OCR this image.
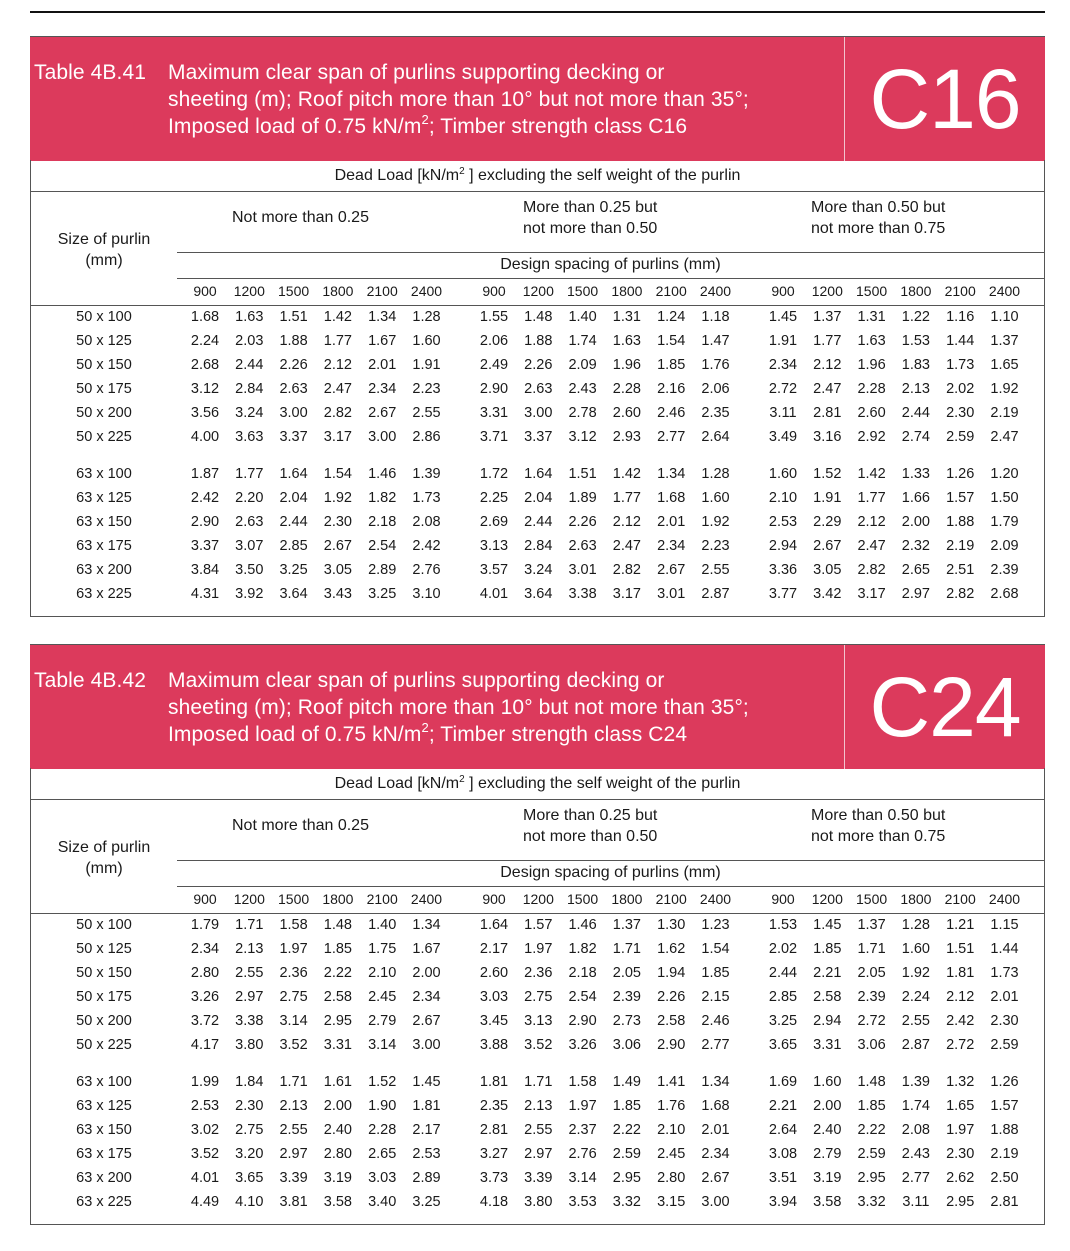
Table 4B.41 Maximum clear span of purlins supporting decking or
sheeting (m); Roof pitch more than 10° but not more than 35°;
Imposed load of 0.75 $kN/m^2$; Timber strength class C16	C16
Dead Load [$kN/m^2$ ] excluding the self weight of the purlin
Size of purlin
(mm)
Not more than 0.25
More than 0.25 but
not more than 0.50
More than 0.50 but
not more than 0.75
Design spacing of purlins (mm)
900	1200 1500 1800 2100 2400	900	1200 1500 1800 2100 2400	900	1200 1500 1800 2100 2400
50 x 100	1.68	1.63	1.51	1.42	1.34	1.28	1.55	1.48	1.40	1.31	1.24	1.18	1.45	1.37	1.31	1.22	1.16	1.10
50 x 125	2.24	2.03	1.88	1.77	1.67	1.60	2.06	1.88	1.74	1.63	1.54	1.47	1.91	1.77	1.63	1.53	1.44	1.37
50 x 150	2.68	2.44	2.26	2.12	2.01	1.91	2.49	2.26	2.09	1.96	1.85	1.76	2.34	2.12	1.96	1.83	1.73	1.65
50 x 175	3.12	2.84	2.63	2.47	2.34	2.23	2.90	2.63	2.43	2.28	2.16	2.06	2.72	2.47	2.28	2.13	2.02	1.92
50 x 200	3.56	3.24	3.00	2.82	2.67	2.55	3.31	3.00	2.78	2.60	2.46	2.35	3.11	2.81	2.60	2.44	2.30	2.19
50 x 225	4.00	3.63	3.37	3.17	3.00	2.86	3.71	3.37	3.12	2.93	2.77	2.64	3.49	3.16	2.92	2.74	2.59	2.47
63 x 100	1.87	1.77	1.64	1.54	1.46	1.39	1.72	1.64	1.51	1.42	1.34	1.28	1.60	1.52	1.42	1.33	1.26	1.20
63 x 125	2.42	2.20	2.04	1.92	1.82	1.73	2.25	2.04	1.89	1.77	1.68	1.60	2.10	1.91	1.77	1.66	1.57	1.50
63 x 150	2.90	2.63	2.44	2.30	2.18	2.08	2.69	2.44	2.26	2.12	2.01	1.92	2.53	2.29	2.12	2.00	1.88	1.79
63 x 175	3.37	3.07	2.85	2.67	2.54	2.42	3.13	2.84	2.63	2.47	2.34	2.23	2.94	2.67	2.47	2.32	2.19	2.09
63 x 200	3.84	3.50	3.25	3.05	2.89	2.76	3.57	3.24	3.01	2.82	2.67	2.55	3.36	3.05	2.82	2.65	2.51	2.39
63 x 225	4.31	3.92	3.64	3.43	3.25	3.10	4.01	3.64	3.38	3.17	3.01	2.87	3.77	3.42	3.17	2.97	2.82	2.68
Table 4B.42 Maximum clear span of purlins supporting decking or
sheeting (m); Roof pitch more than 10° but not more than 35°;
Imposed load of 0.75 $kN/m^2$; Timber strength class C24	C24
Dead Load [$kN/m^2$ ] excluding the self weight of the purlin
Size of purlin
(mm)
Not more than 0.25
More than 0.25 but
not more than 0.50
More than 0.50 but
not more than 0.75
Design spacing of purlins (mm)
900	1200 1500 1800 2100 2400	900	1200 1500 1800 2100 2400	900	1200 1500 1800 2100 2400
50 x 100	1.79	1.71	1.58	1.48	1.40	1.34	1.64	1.57	1.46	1.37	1.30	1.23	1.53	1.45	1.37	1.28	1.21	1.15
50 x 125	2.34	2.13	1.97	1.85	1.75	1.67	2.17	1.97	1.82	1.71	1.62	1.54	2.02	1.85	1.71	1.60	1.51	1.44
50 x 150	2.80	2.55	2.36	2.22	2.10	2.00	2.60	2.36	2.18	2.05	1.94	1.85	2.44	2.21	2.05	1.92	1.81	1.73
50 x 175	3.26	2.97	2.75	2.58	2.45	2.34	3.03	2.75	2.54	2.39	2.26	2.15	2.85	2.58	2.39	2.24	2.12	2.01
50 x 200	3.72	3.38	3.14	2.95	2.79	2.67	3.45	3.13	2.90	2.73	2.58	2.46	3.25	2.94	2.72	2.55	2.42	2.30
50 x 225	4.17	3.80	3.52	3.31	3.14	3.00	3.88	3.52	3.26	3.06	2.90	2.77	3.65	3.31	3.06	2.87	2.72	2.59
63 x 100	1.99	1.84	1.71	1.61	1.52	1.45	1.81	1.71	1.58	1.49	1.41	1.34	1.69	1.60	1.48	1.39	1.32	1.26
63 x 125	2.53	2.30	2.13	2.00	1.90	1.81	2.35	2.13	1.97	1.85	1.76	1.68	2.21	2.00	1.85	1.74	1.65	1.57
63 x 150	3.02	2.75	2.55	2.40	2.28	2.17	2.81	2.55	2.37	2.22	2.10	2.01	2.64	2.40	2.22	2.08	1.97	1.88
63 x 175	3.52	3.20	2.97	2.80	2.65	2.53	3.27	2.97	2.76	2.59	2.45	2.34	3.08	2.79	2.59	2.43	2.30	2.19
63 x 200	4.01	3.65	3.39	3.19	3.03	2.89	3.73	3.39	3.14	2.95	2.80	2.67	3.51	3.19	2.95	2.77	2.62	2.50
63 x 225	4.49	4.10	3.81	3.58	3.40	3.25	4.18	3.80	3.53	3.32	3.15	3.00	3.94	3.58	3.32	3.11	2.95	2.81
